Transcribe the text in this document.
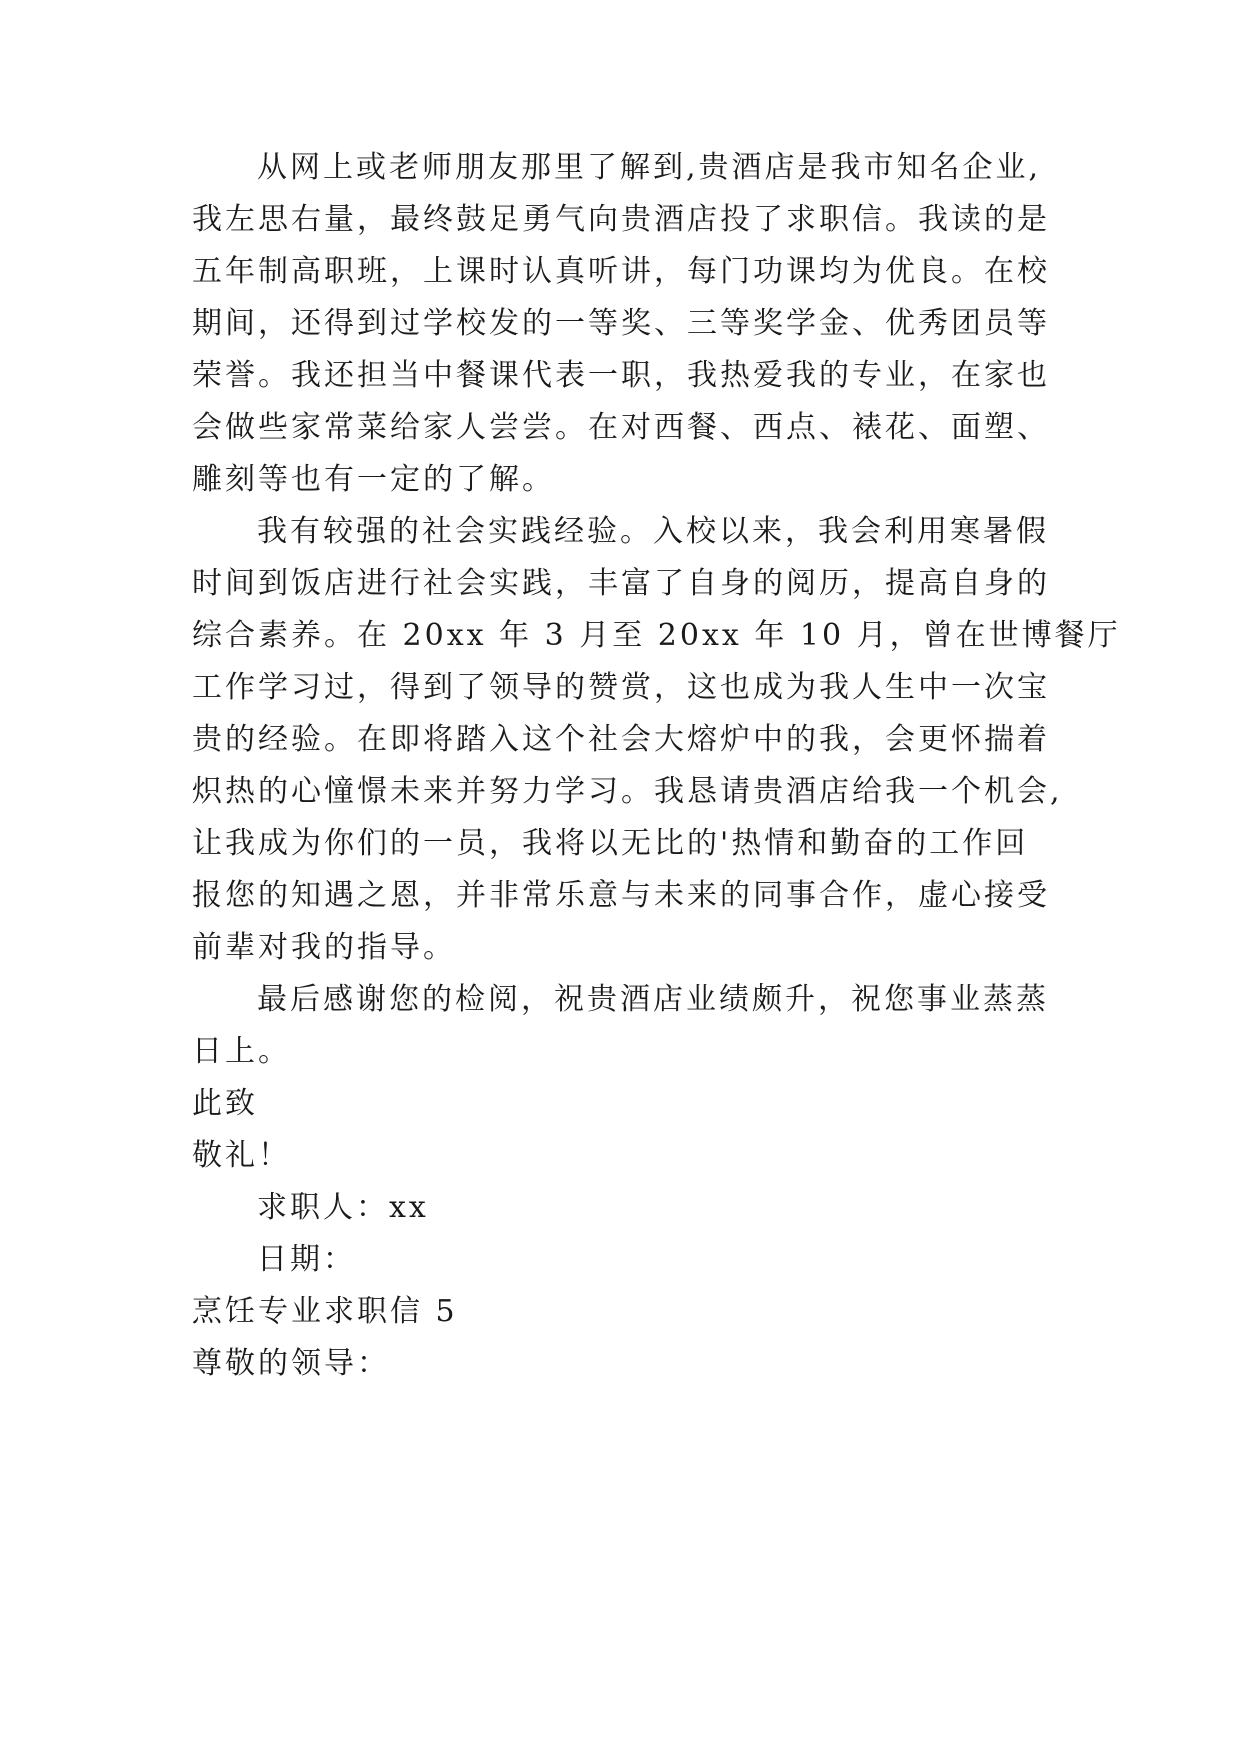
从网上或老师朋友那里了解到,贵酒店是我市知名企业,
我左思右量，最终鼓足勇气向贵酒店投了求职信。我读的是
五年制高职班，上课时认真听讲，每门功课均为优良。在校
期间，还得到过学校发的一等奖、三等奖学金、优秀团员等
荣誉。我还担当中餐课代表一职，我热爱我的专业，在家也
会做些家常菜给家人尝尝。在对西餐、西点、裱花、面塑、
雕刻等也有一定的了解。
我有较强的社会实践经验。入校以来，我会利用寒暑假
时间到饭店进行社会实践，丰富了自身的阅历，提高自身的
综合素养。在 20xx 年 3 月至 20xx 年 10 月，曾在世博餐厅
工作学习过，得到了领导的赞赏，这也成为我人生中一次宝
贵的经验。在即将踏入这个社会大熔炉中的我，会更怀揣着
炽热的心憧憬未来并努力学习。我恳请贵酒店给我一个机会,
让我成为你们的一员，我将以无比的'热情和勤奋的工作回
报您的知遇之恩，并非常乐意与未来的同事合作，虚心接受
前辈对我的指导。
最后感谢您的检阅，祝贵酒店业绩颇升，祝您事业蒸蒸
日上。
此致
敬礼！
求职人：xx
日期：
烹饪专业求职信 5
尊敬的领导：
